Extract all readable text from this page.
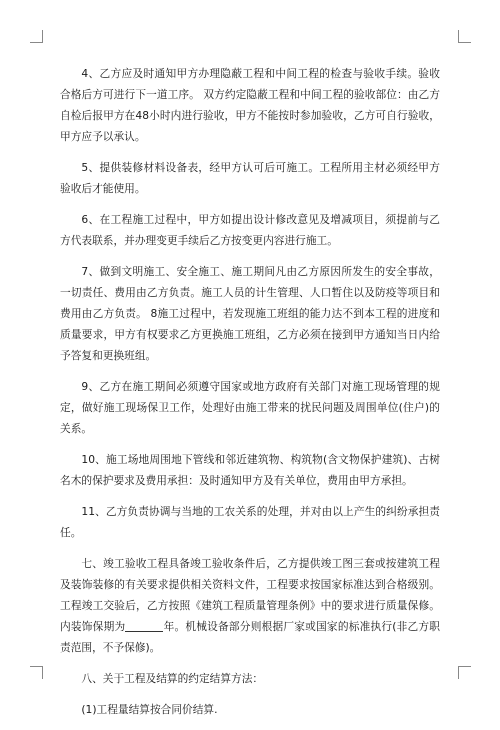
4、乙方应及时通知甲方办理隐蔽工程和中间工程的检查与验收手续。验收合格后方可进行下一道工序。 双方约定隐蔽工程和中间工程的验收部位：由乙方自检后报甲方在48小时内进行验收，甲方不能按时参加验收，乙方可自行验收，甲方应予以承认。

5、提供装修材料设备表，经甲方认可后可施工。工程所用主材必须经甲方验收后才能使用。

6、在工程施工过程中，甲方如提出设计修改意见及增减项目，须提前与乙方代表联系，并办理变更手续后乙方按变更内容进行施工。

7、做到文明施工、安全施工、施工期间凡由乙方原因所发生的安全事故，一切责任、费用由乙方负责。施工人员的计生管理、人口暂住以及防疫等项目和费用由乙方负责。 8施工过程中，若发现施工班组的能力达不到本工程的进度和质量要求，甲方有权要求乙方更换施工班组，乙方必须在接到甲方通知当日内给予答复和更换班组。

9、乙方在施工期间必须遵守国家或地方政府有关部门对施工现场管理的规定，做好施工现场保卫工作，处理好由施工带来的扰民问题及周围单位(住户)的关系。

10、施工场地周围地下管线和邻近建筑物、构筑物(含文物保护建筑)、古树名木的保护要求及费用承担：及时通知甲方及有关单位，费用由甲方承担。

11、乙方负责协调与当地的工农关系的处理，并对由以上产生的纠纷承担责任。

七、竣工验收工程具备竣工验收条件后，乙方提供竣工图三套或按建筑工程及装饰装修的有关要求提供相关资料文件，工程要求按国家标准达到合格级别。工程竣工交验后，乙方按照《建筑工程质量管理条例》中的要求进行质量保修。内装饰保期为	年。机械设备部分则根据厂家或国家的标准执行(非乙方职责范围，不予保修)。

八、关于工程及结算的约定结算方法：

(1)工程量结算按合同价结算.
